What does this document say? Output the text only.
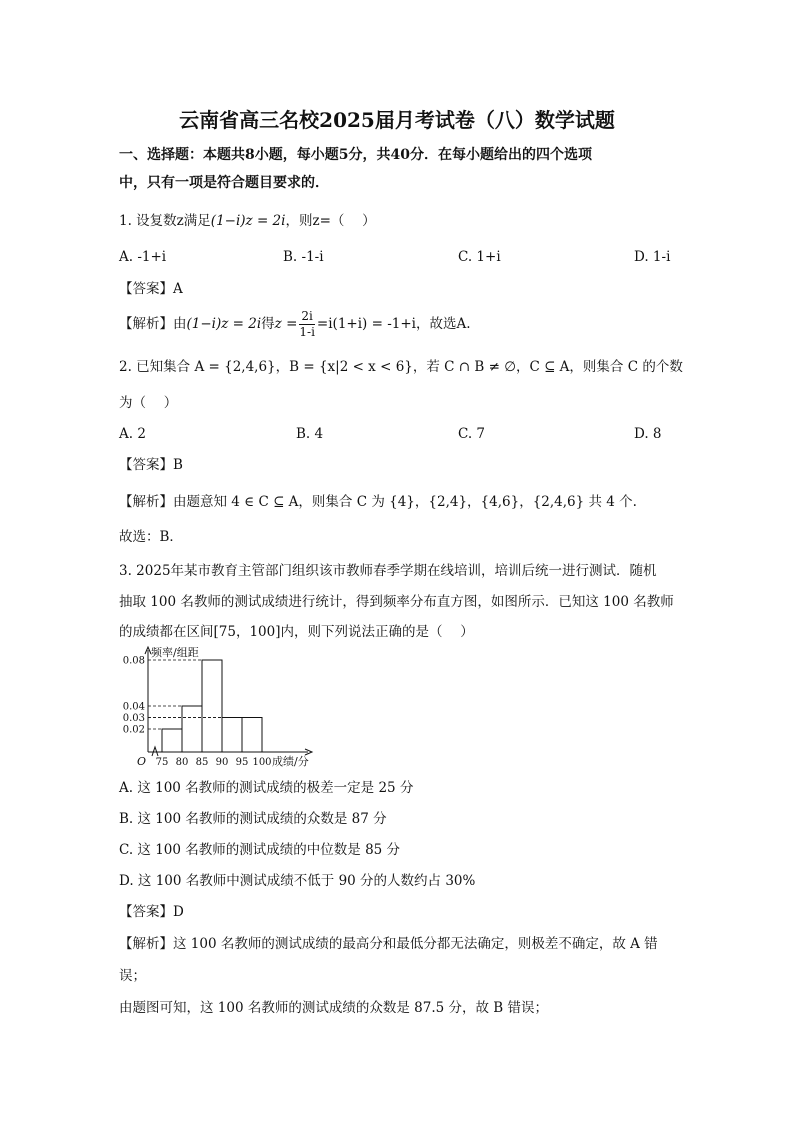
云南省高三名校2025届月考试卷（八）数学试题
一、选择题：本题共8小题，每小题5分，共40分．在每小题给出的四个选项
中，只有一项是符合题目要求的．
1. 设复数z满足(1−i)z = 2i，则z=（　 ）
A. -1+i	B. -1-i	C. 1+i	D. 1-i
【答案】A
【解析】由(1−i)z = 2i得$z = \frac{2i}{1-i} =i(1+i) = -1+i$，故选A.
2. 已知集合 A = {2,4,6}，B = {x|2 < x < 6}，若 C ∩ B ≠ ∅，C ⊆ A，则集合 C 的个数
为（　 ）
A. 2	B. 4	C. 7	D. 8
【答案】B
【解析】由题意知 4 ∈ C ⊆ A，则集合 C 为 {4}，{2,4}，{4,6}，{2,4,6} 共 4 个.
故选：B．
3. 2025年某市教育主管部门组织该市教师春季学期在线培训，培训后统一进行测试．随机
抽取 100 名教师的测试成绩进行统计，得到频率分布直方图，如图所示．已知这 100 名教师
的成绩都在区间[75，100]内，则下列说法正确的是（　 ）
0.02
0.03
0.04
0.08
75 80 85 90 95 100
O
频率/组距
成绩/分
A. 这 100 名教师的测试成绩的极差一定是 25 分
B. 这 100 名教师的测试成绩的众数是 87 分
C. 这 100 名教师的测试成绩的中位数是 85 分
D. 这 100 名教师中测试成绩不低于 90 分的人数约占 30%
【答案】D
【解析】这 100 名教师的测试成绩的最高分和最低分都无法确定，则极差不确定，故 A 错
误；
由题图可知，这 100 名教师的测试成绩的众数是 87.5 分，故 B 错误；
